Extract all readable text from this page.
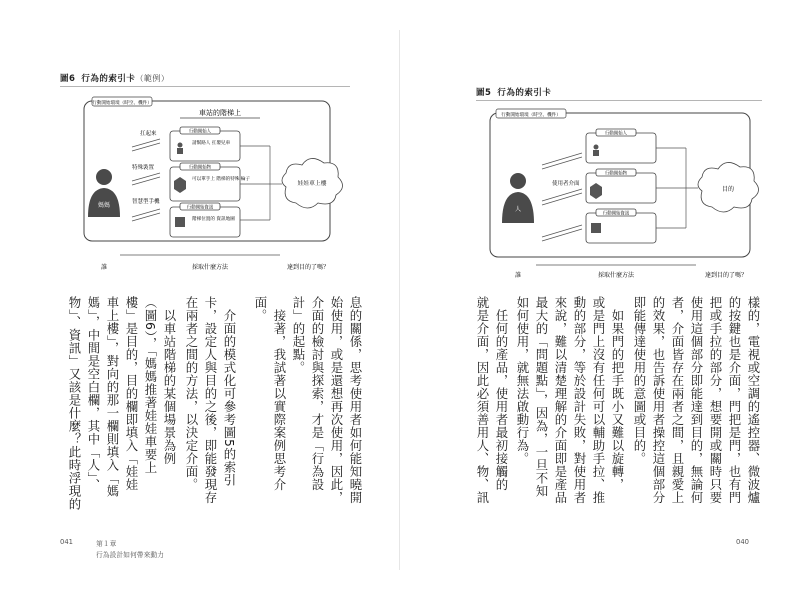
圖6 行為的索引卡（範例）
行動開始環境（時空、機件）
車站的階梯上
媽媽
扛起來
特殊裝置
智慧型手機
行動開始人
行動開始物
行動開始資訊
請幫路人 扛嬰兒車
可以單手上 階梯的特殊 輪子
階梯位置的 資訊地圖
娃娃車上樓
誰	採取什麼方法	達到目的了嗎？
息的關係，思考使用者如何能知曉開
始使用，或是還想再次使用，因此，
介面的檢討與探索，才是「行為設
計」的起點。
　接著，我試著以實際案例思考介
面。
　介面的模式化可參考圖5的索引
卡，設定人與目的之後，即能發現存
在兩者之間的方法，以決定介面。
　以車站階梯的某個場景為例
（圖6），「媽媽推著娃娃車要上
樓」是目的，目的欄即填入「娃娃
車上樓」，對向的那一欄則填入「媽
媽」，中間是空白欄，其中「人」、
物」、資訊」又該是什麼？此時浮現的
041	第１章
行為設計如何帶來動力
圖5 行為的索引卡
行動開始環境（時空、機件）
人
使用者介面
行動開始人
行動開始物
行動開始資訊
目的
誰	採取什麼方法	達到目的了嗎？
樣的，電視或空調的遙控器、微波爐
的按鍵也是介面，門把是門，也有門
把或手拉的部分，想要開或關時只要
使用這個部分即能達到目的，無論何
者，介面皆存在兩者之間，且親愛上
的效果，也告訴使用者操控這個部分
即能傳達使用的意圖或目的。
　如果門的把手既小又難以旋轉，
或是門上沒有任何可以輔助手拉、推
動的部分，等於設計失敗，對使用者
來說，難以清楚理解的介面即是產品
最大的「問題點」，因為，一旦不知
如何使用，就無法啟動行為。
　任何的產品，使用者最初接觸的
就是介面，因此必須善用人、物、訊
040
